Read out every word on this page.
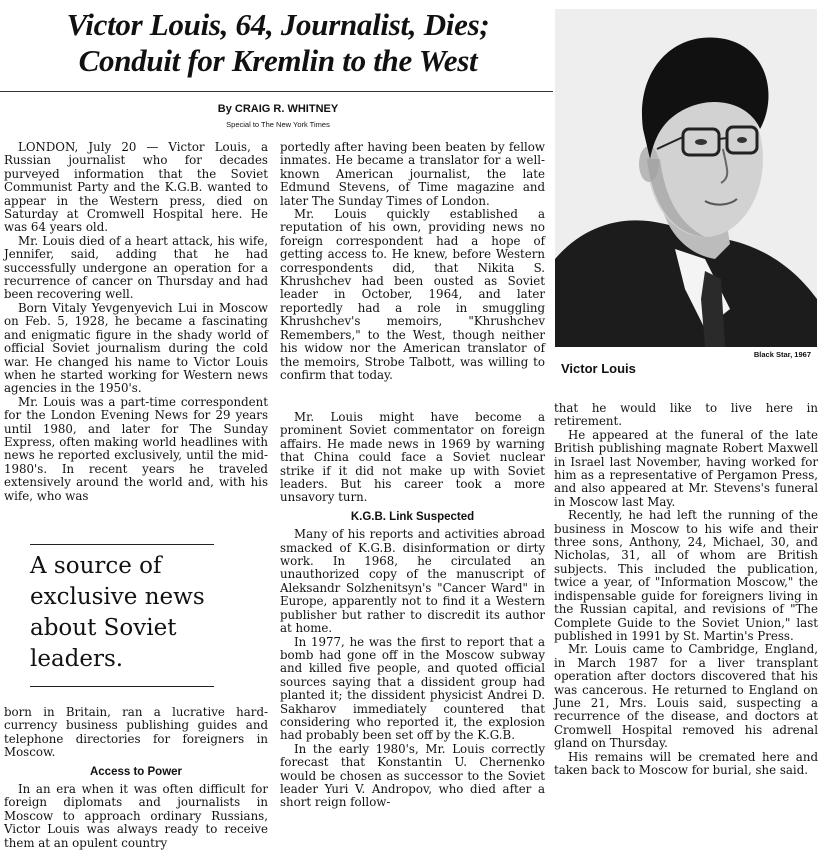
Victor Louis, 64, Journalist, Dies;
Conduit for Kremlin to the West
By CRAIG R. WHITNEY
Special to The New York Times

LONDON, July 20 — Victor Louis, a Russian journalist who for decades purveyed information that the Soviet Communist Party and the K.G.B. wanted to appear in the Western press, died on Saturday at Cromwell Hospital here. He was 64 years old.

Mr. Louis died of a heart attack, his wife, Jennifer, said, adding that he had successfully undergone an operation for a recurrence of cancer on Thursday and had been recovering well.

Born Vitaly Yevgenyevich Lui in Moscow on Feb. 5, 1928, he became a fascinating and enigmatic figure in the shady world of official Soviet journalism during the cold war. He changed his name to Victor Louis when he started working for Western news agencies in the 1950's.

Mr. Louis was a part-time correspondent for the London Evening News for 29 years until 1980, and later for The Sunday Express, often making world headlines with news he reported exclusively, until the mid-1980's. In recent years he traveled extensively around the world and, with his wife, who was

A source of exclusive news about Soviet leaders.

born in Britain, ran a lucrative hard-currency business publishing guides and telephone directories for foreigners in Moscow.

Access to Power

In an era when it was often difficult for foreign diplomats and journalists in Moscow to approach ordinary Russians, Victor Louis was always ready to receive them at an opulent country

portedly after having been beaten by fellow inmates. He became a translator for a well-known American journalist, the late Edmund Stevens, of Time magazine and later The Sunday Times of London.

Mr. Louis quickly established a reputation of his own, providing news no foreign correspondent had a hope of getting access to. He knew, before Western correspondents did, that Nikita S. Khrushchev had been ousted as Soviet leader in October, 1964, and later reportedly had a role in smuggling Khrushchev's memoirs, "Khrushchev Remembers," to the West, though neither his widow nor the American translator of the memoirs, Strobe Talbott, was willing to confirm that today.

Mr. Louis might have become a prominent Soviet commentator on foreign affairs. He made news in 1969 by warning that China could face a Soviet nuclear strike if it did not make up with Soviet leaders. But his career took a more unsavory turn.

K.G.B. Link Suspected

Many of his reports and activities abroad smacked of K.G.B. disinformation or dirty work. In 1968, he circulated an unauthorized copy of the manuscript of Aleksandr Solzhenitsyn's "Cancer Ward" in Europe, apparently not to find it a Western publisher but rather to discredit its author at home.

In 1977, he was the first to report that a bomb had gone off in the Moscow subway and killed five people, and quoted official sources saying that a dissident group had planted it; the dissident physicist Andrei D. Sakharov immediately countered that considering who reported it, the explosion had probably been set off by the K.G.B.

In the early 1980's, Mr. Louis correctly forecast that Konstantin U. Chernenko would be chosen as successor to the Soviet leader Yuri V. Andropov, who died after a short reign follow-

Black Star, 1967
Victor Louis

that he would like to live here in retirement.

He appeared at the funeral of the late British publishing magnate Robert Maxwell in Israel last November, having worked for him as a representative of Pergamon Press, and also appeared at Mr. Stevens's funeral in Moscow last May.

Recently, he had left the running of the business in Moscow to his wife and their three sons, Anthony, 24, Michael, 30, and Nicholas, 31, all of whom are British subjects. This included the publication, twice a year, of "Information Moscow," the indispensable guide for foreigners living in the Russian capital, and revisions of "The Complete Guide to the Soviet Union," last published in 1991 by St. Martin's Press.

Mr. Louis came to Cambridge, England, in March 1987 for a liver transplant operation after doctors discovered that his was cancerous. He returned to England on June 21, Mrs. Louis said, suspecting a recurrence of the disease, and doctors at Cromwell Hospital removed his adrenal gland on Thursday.

His remains will be cremated here and taken back to Moscow for burial, she said.
